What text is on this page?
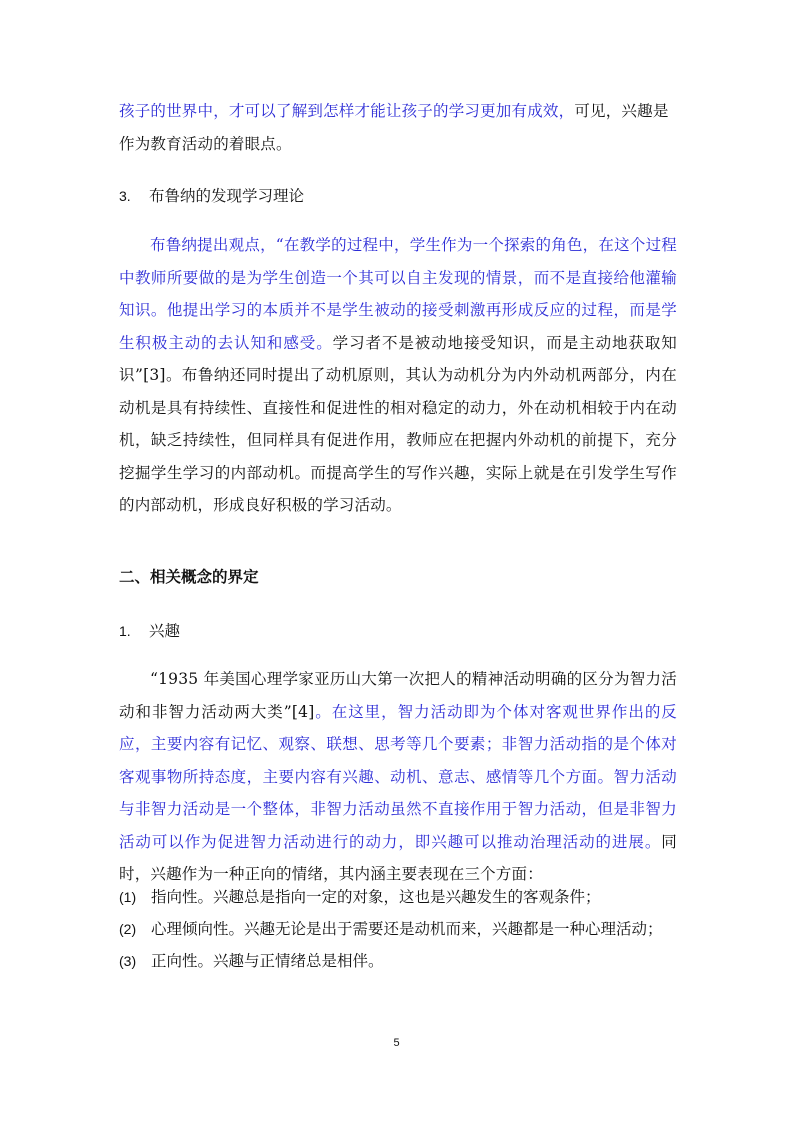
孩子的世界中，才可以了解到怎样才能让孩子的学习更加有成效，可见，兴趣是
作为教育活动的着眼点。

3. 布鲁纳的发现学习理论

布鲁纳提出观点，“在教学的过程中，学生作为一个探索的角色，在这个过程中教师所要做的是为学生创造一个其可以自主发现的情景，而不是直接给他灌输知识。他提出学习的本质并不是学生被动的接受刺激再形成反应的过程，而是学生积极主动的去认知和感受。学习者不是被动地接受知识，而是主动地获取知识”[3]。布鲁纳还同时提出了动机原则，其认为动机分为内外动机两部分，内在动机是具有持续性、直接性和促进性的相对稳定的动力，外在动机相较于内在动机，缺乏持续性，但同样具有促进作用，教师应在把握内外动机的前提下，充分挖掘学生学习的内部动机。而提高学生的写作兴趣，实际上就是在引发学生写作的内部动机，形成良好积极的学习活动。

二、相关概念的界定

1. 兴趣

“1935 年美国心理学家亚历山大第一次把人的精神活动明确的区分为智力活动和非智力活动两大类”[4]。在这里，智力活动即为个体对客观世界作出的反应，主要内容有记忆、观察、联想、思考等几个要素；非智力活动指的是个体对客观事物所持态度，主要内容有兴趣、动机、意志、感情等几个方面。智力活动与非智力活动是一个整体，非智力活动虽然不直接作用于智力活动，但是非智力活动可以作为促进智力活动进行的动力，即兴趣可以推动治理活动的进展。同时，兴趣作为一种正向的情绪，其内涵主要表现在三个方面：

(1) 指向性。兴趣总是指向一定的对象，这也是兴趣发生的客观条件；

(2) 心理倾向性。兴趣无论是出于需要还是动机而来，兴趣都是一种心理活动；

(3) 正向性。兴趣与正情绪总是相伴。

5
